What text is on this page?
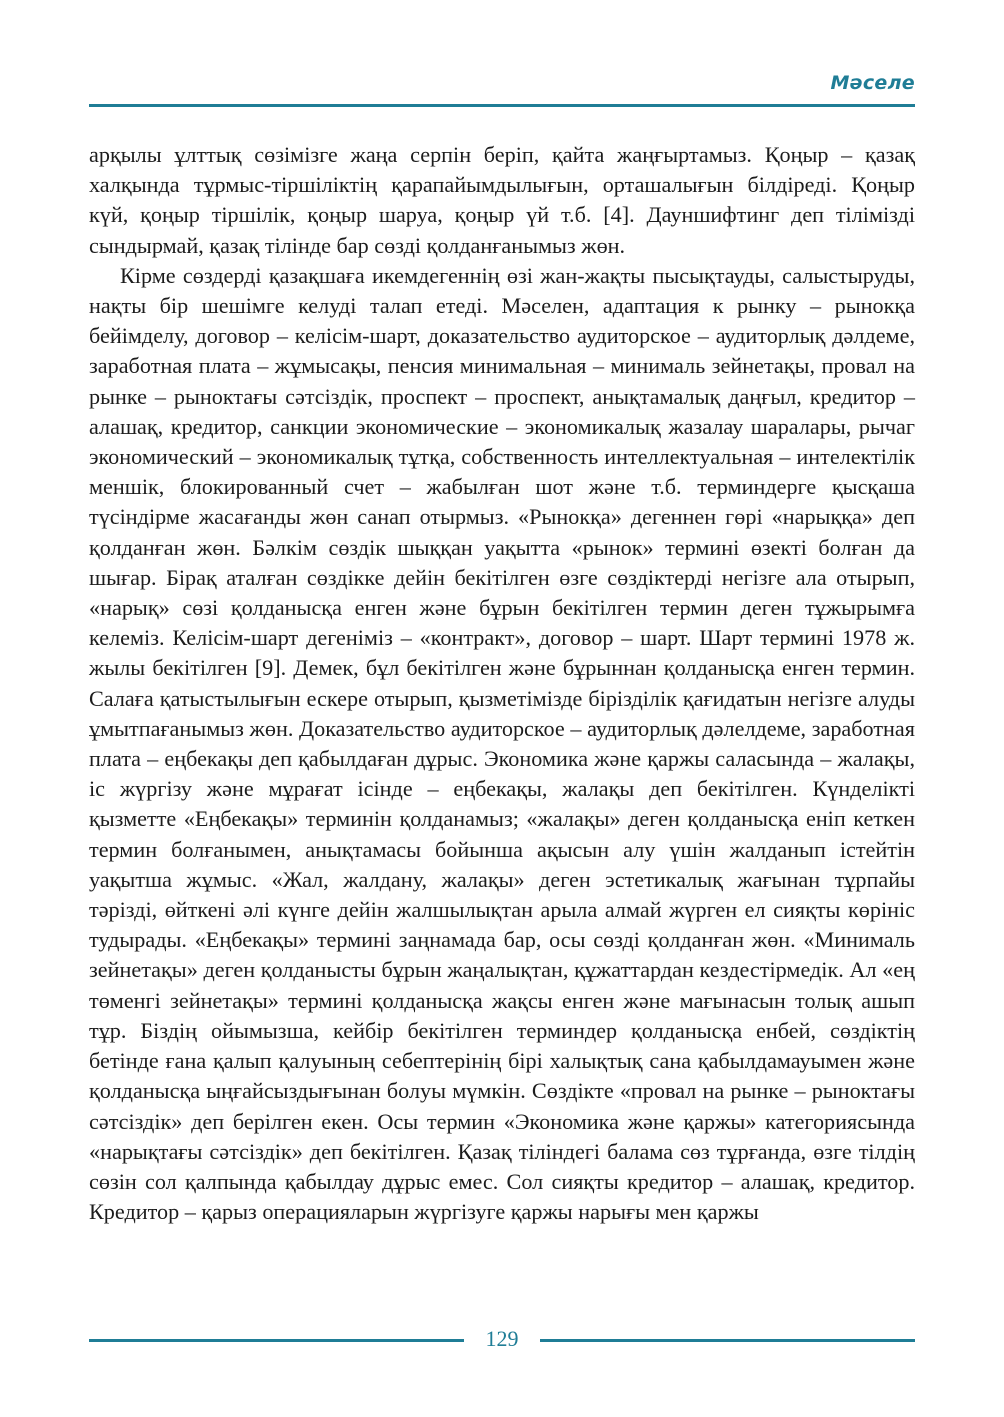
Мәселе

арқылы ұлттық сөзімізге жаңа серпін беріп, қайта жаңғыртамыз. Қоңыр – қазақ халқында тұрмыс-тіршіліктің қарапайымдылығын, орташалығын білдіреді. Қоңыр күй, қоңыр тіршілік, қоңыр шаруа, қоңыр үй т.б. [4]. Дауншифтинг деп тілімізді сындырмай, қазақ тілінде бар сөзді қолданғанымыз жөн.

Кірме сөздерді қазақшаға икемдегеннің өзі жан-жақты пысықтауды, салыстыруды, нақты бір шешімге келуді талап етеді. Мәселен, адаптация к рынку – рынокқа бейімделу, договор – келісім-шарт, доказательство аудиторское – аудиторлық дәлдеме, заработная плата – жұмысақы, пенсия минимальная – минималь зейнетақы, провал на рынке – рыноктағы сәтсіздік, проспект – проспект, анықтамалық даңғыл, кредитор – алашақ, кредитор, санкции экономические – экономикалық жазалау шаралары, рычаг экономический – экономикалық тұтқа, собственность интеллектуальная – интелектілік меншік, блокированный счет – жабылған шот және т.б. терминдерге қысқаша түсіндірме жасағанды жөн санап отырмыз. «Рынокқа» дегеннен гөрі «нарыққа» деп қолданған жөн. Бәлкім сөздік шыққан уақытта «рынок» термині өзекті болған да шығар. Бірақ аталған сөздікке дейін бекітілген өзге сөздіктерді негізге ала отырып, «нарық» сөзі қолданысқа енген және бұрын бекітілген термин деген тұжырымға келеміз. Келісім-шарт дегеніміз – «контракт», договор – шарт. Шарт термині 1978 ж. жылы бекітілген [9]. Демек, бұл бекітілген және бұрыннан қолданысқа енген термин. Салаға қатыстылығын ескере отырып, қызметімізде бірізділік қағидатын негізге алуды ұмытпағанымыз жөн. Доказательство аудиторское – аудиторлық дәлелдеме, заработная плата – еңбекақы деп қабылдаған дұрыс. Экономика және қаржы саласында – жалақы, іс жүргізу және мұрағат ісінде – еңбекақы, жалақы деп бекітілген. Күнделікті қызметте «Еңбекақы» терминін қолданамыз; «жалақы» деген қолданысқа еніп кеткен термин болғанымен, анықтамасы бойынша ақысын алу үшін жалданып істейтін уақытша жұмыс. «Жал, жалдану, жалақы» деген эстетикалық жағынан тұрпайы тәрізді, өйткені әлі күнге дейін жалшылықтан арыла алмай жүрген ел сияқты көрініс тудырады. «Еңбекақы» термині заңнамада бар, осы сөзді қолданған жөн. «Минималь зейнетақы» деген қолданысты бұрын жаңалықтан, құжаттардан кездестірмедік. Ал «ең төменгі зейнетақы» термині қолданысқа жақсы енген және мағынасын толық ашып тұр. Біздің ойымызша, кейбір бекітілген терминдер қолданысқа енбей, сөздіктің бетінде ғана қалып қалуының себептерінің бірі халықтық сана қабылдамауымен және қолданысқа ыңғайсыздығынан болуы мүмкін. Сөздікте «провал на рынке – рыноктағы сәтсіздік» деп берілген екен. Осы термин «Экономика және қаржы» категориясында «нарықтағы сәтсіздік» деп бекітілген. Қазақ тіліндегі балама сөз тұрғанда, өзге тілдің сөзін сол қалпында қабылдау дұрыс емес. Сол сияқты кредитор – алашақ, кредитор. Кредитор – қарыз операцияларын жүргізуге қаржы нарығы мен қаржы

129
